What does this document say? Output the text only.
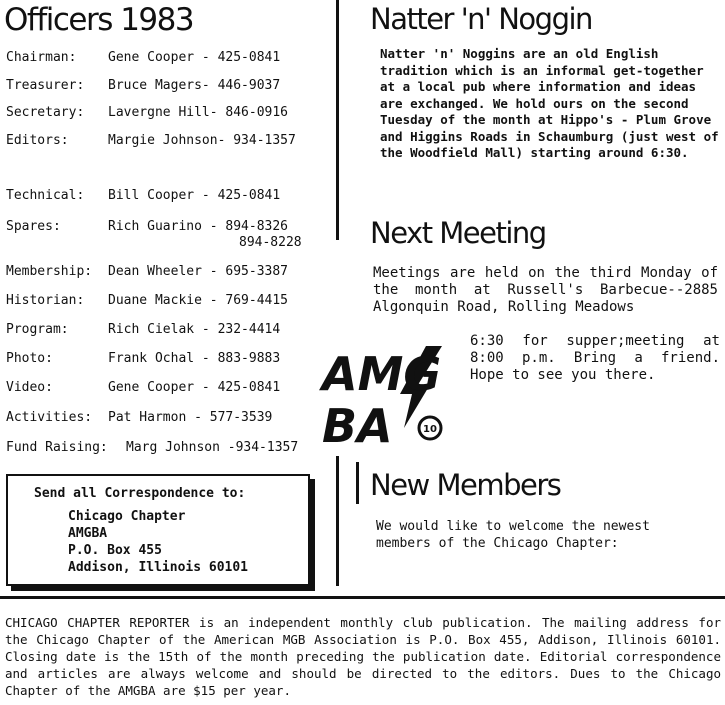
Officers 1983
Chairman: Gene Cooper - 425-0841
Treasurer: Bruce Magers- 446-9037
Secretary: Lavergne Hill- 846-0916
Editors:	Margie Johnson- 934-1357
Technical: Bill Cooper - 425-0841
Spares:	Rich Guarino - 894-8326
894-8228
Membership: Dean Wheeler - 695-3387
Historian: Duane Mackie - 769-4415
Program:	Rich Cielak - 232-4414
Photo:	Frank Ochal - 883-9883
Video:	Gene Cooper - 425-0841
Activities: Pat Harmon - 577-3539
Fund Raising: Marg Johnson -934-1357
Send all Correspondence to:
Chicago Chapter
AMGBA
P.O. Box 455
Addison, Illinois 60101
Natter 'n' Noggin

Natter 'n' Noggins are an old English tradition which is an informal get-together at a local pub where information and ideas are exchanged. We hold ours on the second Tuesday of the month at Hippo's - Plum Grove and Higgins Roads in Schaumburg (just west of the Woodfield Mall) starting around 6:30.

Next Meeting

Meetings are held on the third Monday of the month at Russell's Barbecue--2885 Algonquin Road, Rolling Meadows

6:30 for supper;meeting at 8:00 p.m. Bring a friend. Hope to see you there.

AMG
BA	10
New Members

We would like to welcome the newest members of the Chicago Chapter:

CHICAGO CHAPTER REPORTER is an independent monthly club publication. The mailing address for the Chicago Chapter of the American MGB Association is P.O. Box 455, Addison, Illinois 60101. Closing date is the 15th of the month preceding the publication date. Editorial correspondence and articles are always welcome and should be directed to the editors. Dues to the Chicago Chapter of the AMGBA are $15 per year.
